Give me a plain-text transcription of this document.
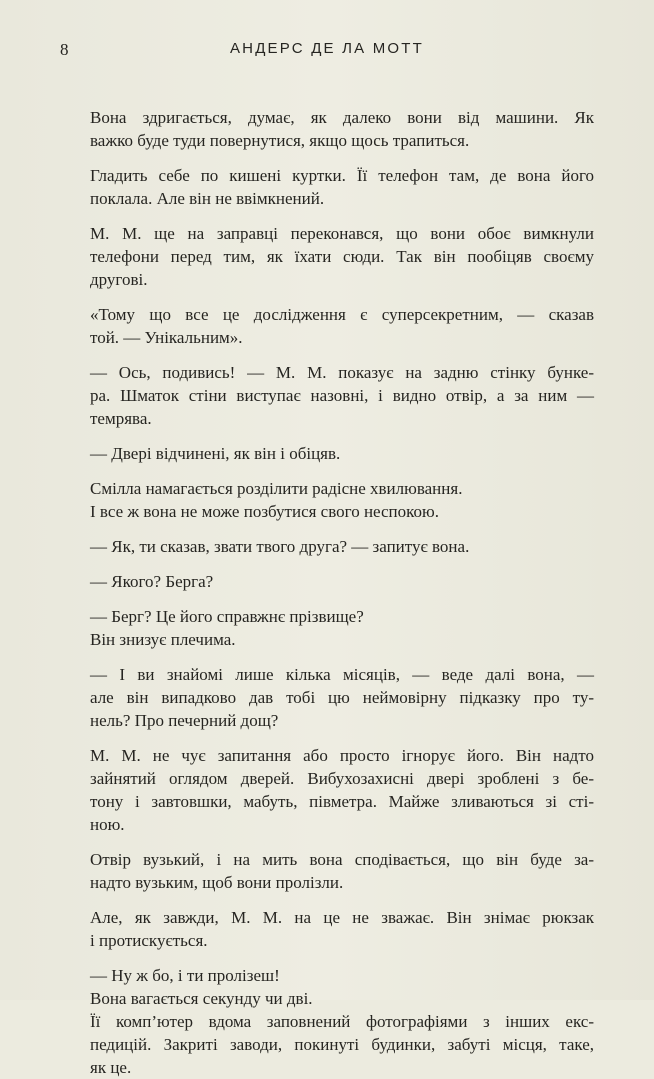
8	АНДЕРС ДЕ ЛА МОТТ
Вона здригається, думає, як далеко вони від машини. Як
важко буде туди повернутися, якщо щось трапиться.
Гладить себе по кишені куртки. Її телефон там, де вона його
поклала. Але він не ввімкнений.
М. М. ще на заправці переконався, що вони обоє вимкнули
телефони перед тим, як їхати сюди. Так він пообіцяв своєму
другові.
«Тому що все це дослідження є суперсекретним, — сказав
той. — Унікальним».
— Ось, подивись! — М. М. показує на задню стінку бунке-
ра. Шматок стіни виступає назовні, і видно отвір, а за ним —
темрява.
— Двері відчинені, як він і обіцяв.
Смілла намагається розділити радісне хвилювання.
І все ж вона не може позбутися свого неспокою.
— Як, ти сказав, звати твого друга? — запитує вона.
— Якого? Берга?
— Берг? Це його справжнє прізвище?
Він знизує плечима.
— І ви знайомі лише кілька місяців, — веде далі вона, —
але він випадково дав тобі цю неймовірну підказку про ту-
нель? Про печерний дощ?
М. М. не чує запитання або просто ігнорує його. Він надто
зайнятий оглядом дверей. Вибухозахисні двері зроблені з бе-
тону і завтовшки, мабуть, півметра. Майже зливаються зі сті-
ною.
Отвір вузький, і на мить вона сподівається, що він буде за-
надто вузьким, щоб вони пролізли.
Але, як завжди, М. М. на це не зважає. Він знімає рюкзак
і протискується.
— Ну ж бо, і ти пролізеш!
Вона вагається секунду чи дві.
Її комп’ютер вдома заповнений фотографіями з інших екс-
педицій. Закриті заводи, покинуті будинки, забуті місця, таке,
як це.
